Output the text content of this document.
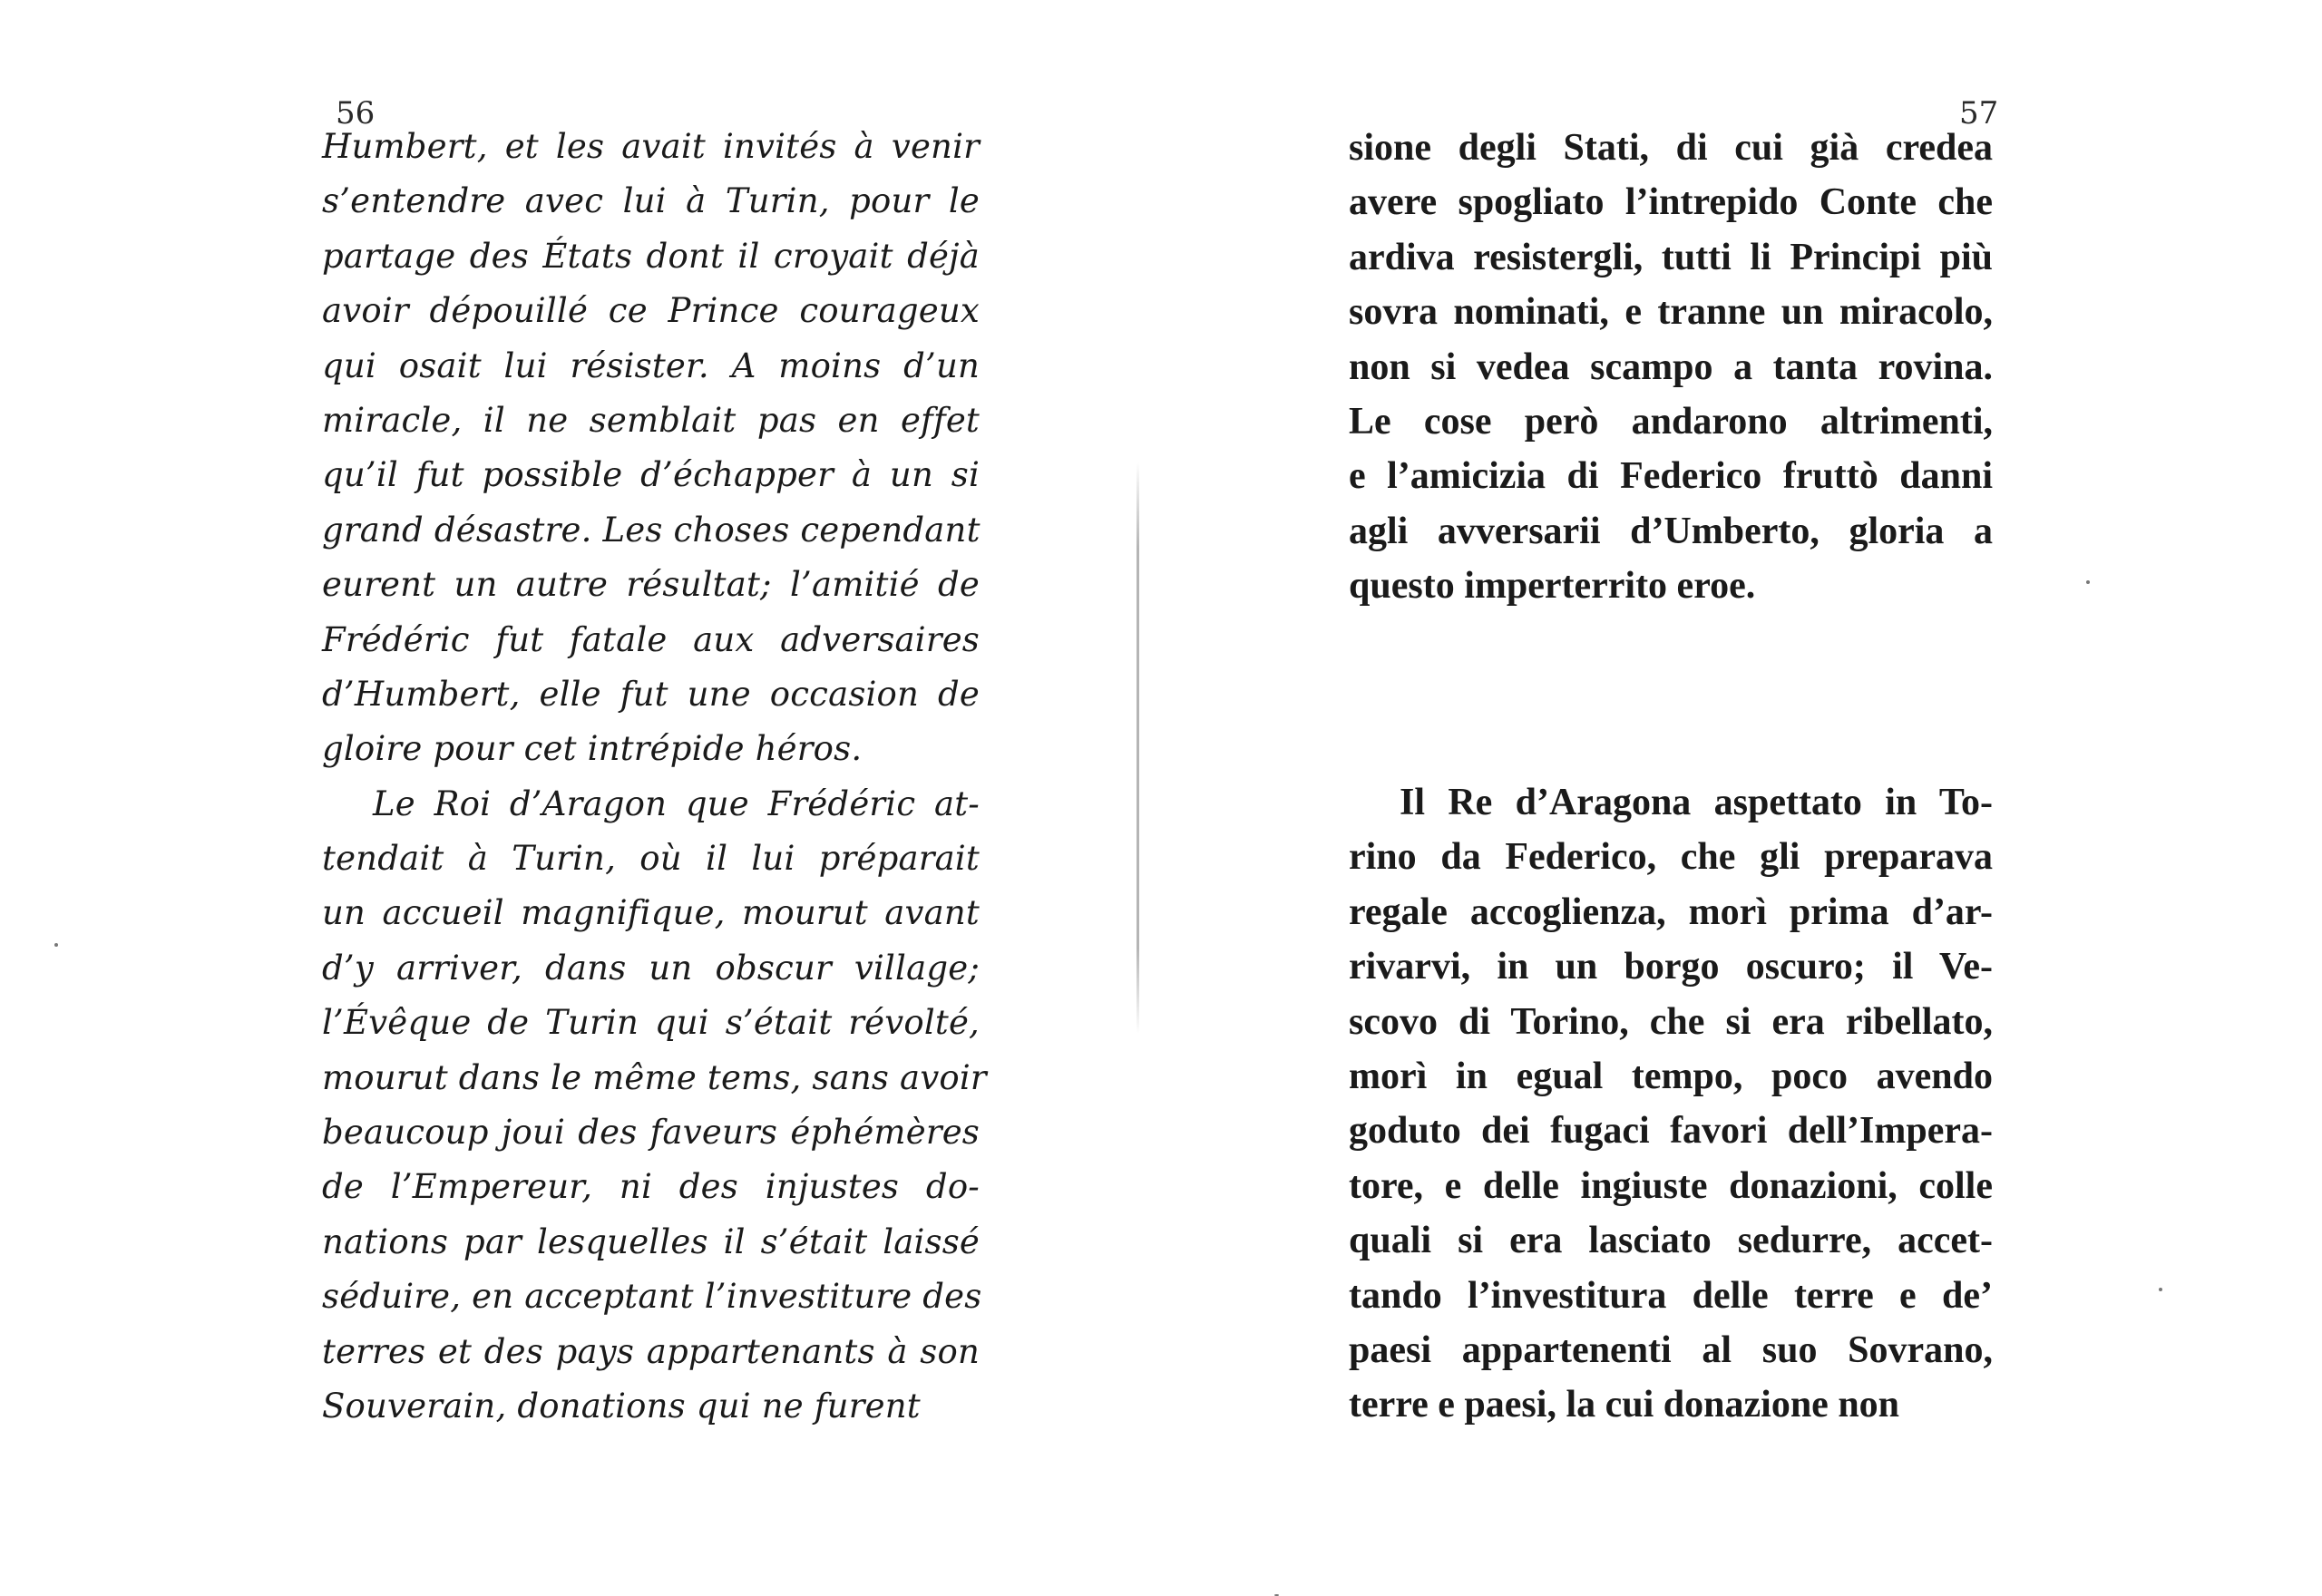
56
Humbert, et les avait invités à venir
s’entendre avec lui à Turin, pour le
partage des États dont il croyait déjà
avoir dépouillé ce Prince courageux
qui osait lui résister. A moins d’un
miracle, il ne semblait pas en effet
qu’il fut possible d’échapper à un si
grand désastre. Les choses cependant
eurent un autre résultat; l’amitié de
Frédéric fut fatale aux adversaires
d’Humbert, elle fut une occasion de
gloire pour cet intrépide héros.
Le Roi d’Aragon que Frédéric at-
tendait à Turin, où il lui préparait
un accueil magnifique, mourut avant
d’y arriver, dans un obscur village;
l’Évêque de Turin qui s’était révolté,
mourut dans le même tems, sans avoir
beaucoup joui des faveurs éphémères
de l’Empereur, ni des injustes do-
nations par lesquelles il s’était laissé
séduire, en acceptant l’investiture des
terres et des pays appartenants à son
Souverain, donations qui ne furent
57
sione degli Stati, di cui già credea
avere spogliato l’intrepido Conte che
ardiva resistergli, tutti li Principi più
sovra nominati, e tranne un miracolo,
non si vedea scampo a tanta rovina.
Le cose però andarono altrimenti,
e l’amicizia di Federico fruttò danni
agli avversarii d’Umberto, gloria a
questo imperterrito eroe.
Il Re d’Aragona aspettato in To-
rino da Federico, che gli preparava
regale accoglienza, morì prima d’ar-
rivarvi, in un borgo oscuro; il Ve-
scovo di Torino, che si era ribellato,
morì in egual tempo, poco avendo
goduto dei fugaci favori dell’Impera-
tore, e delle ingiuste donazioni, colle
quali si era lasciato sedurre, accet-
tando l’investitura delle terre e de’
paesi appartenenti al suo Sovrano,
terre e paesi, la cui donazione non
